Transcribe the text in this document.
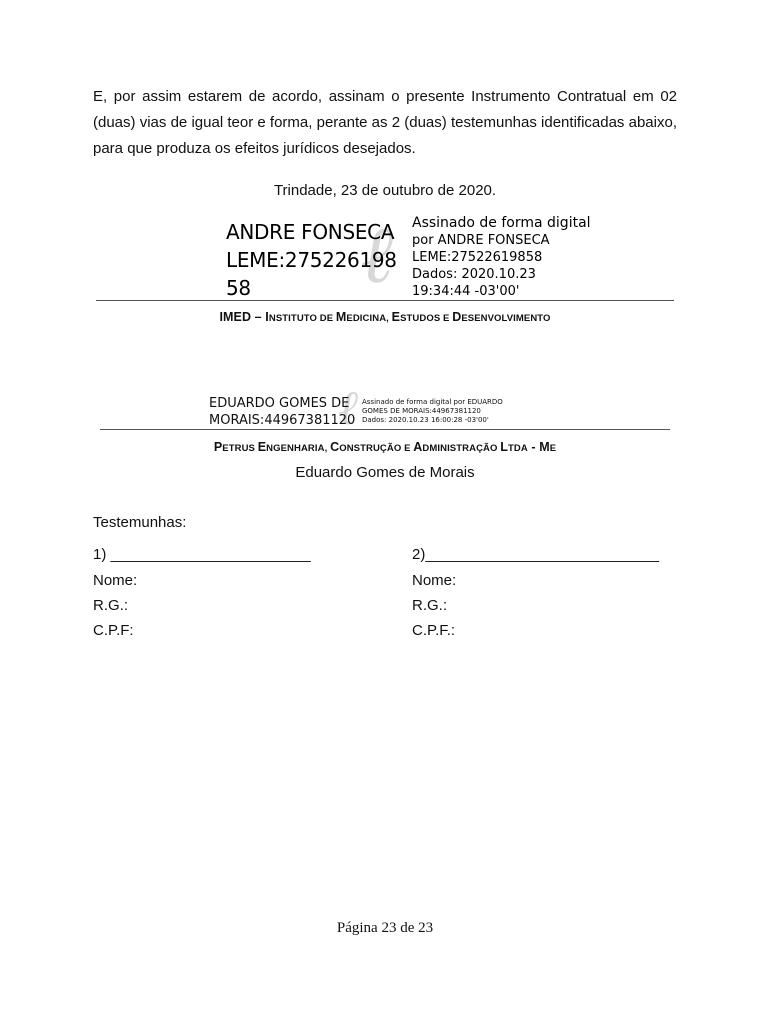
E, por assim estarem de acordo, assinam o presente Instrumento Contratual em 02 (duas) vias de igual teor e forma, perante as 2 (duas) testemunhas identificadas abaixo, para que produza os efeitos jurídicos desejados.
Trindade, 23 de outubro de 2020.
ℓ
ANDRE FONSECA
LEME:275226198
58
Assinado de forma digital
por ANDRE FONSECA
LEME:27522619858
Dados: 2020.10.23
19:34:44 -03'00'
IMED – INSTITUTO DE MEDICINA, ESTUDOS E DESENVOLVIMENTO
ℓ
EDUARDO GOMES DE
MORAIS:44967381120
Assinado de forma digital por EDUARDO
GOMES DE MORAIS:44967381120
Dados: 2020.10.23 16:00:28 -03'00'
PETRUS ENGENHARIA, CONSTRUÇÃO E ADMINISTRAÇÃO LTDA - ME
Eduardo Gomes de Morais
Testemunhas:
1) ________________________
Nome:
R.G.:
C.P.F:
2)____________________________
Nome:
R.G.:
C.P.F.:
Página 23 de 23
